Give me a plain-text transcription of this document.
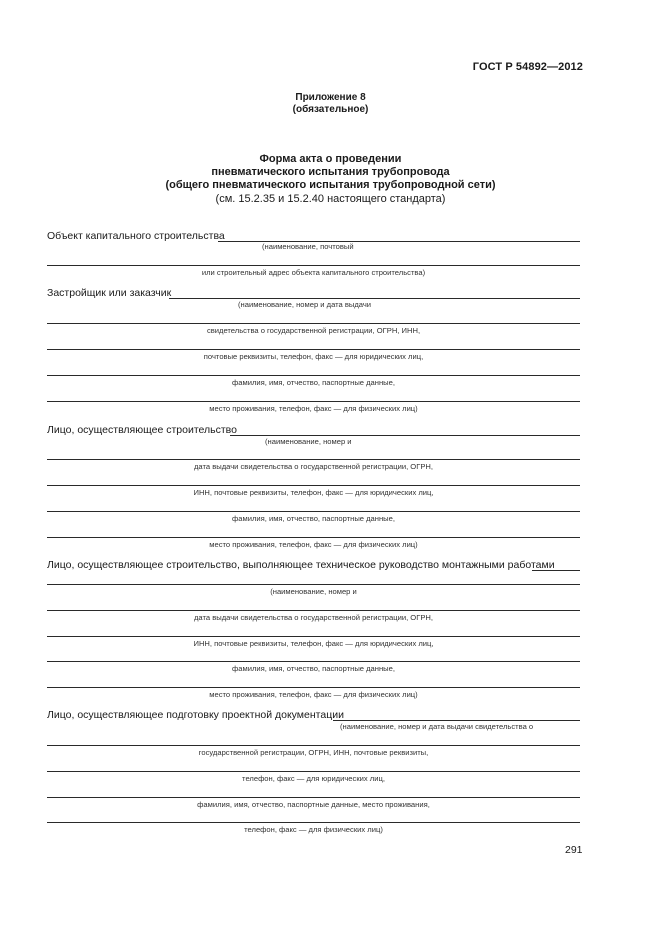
ГОСТ Р 54892—2012
Приложение 8
(обязательное)
Форма акта о проведении
пневматического испытания трубопровода
(общего пневматического испытания трубопроводной сети)
(см. 15.2.35 и 15.2.40 настоящего стандарта)
Объект капитального строительства
(наименование, почтовый
или строительный адрес объекта капитального строительства)
Застройщик или заказчик
(наименование, номер и дата выдачи
свидетельства о государственной регистрации, ОГРН, ИНН,
почтовые реквизиты, телефон, факс — для юридических лиц,
фамилия, имя, отчество, паспортные данные,
место проживания, телефон, факс — для физических лиц)
Лицо, осуществляющее строительство
(наименование, номер и
дата выдачи свидетельства о государственной регистрации, ОГРН,
ИНН, почтовые реквизиты, телефон, факс — для юридических лиц,
фамилия, имя, отчество, паспортные данные,
место проживания, телефон, факс — для физических лиц)
Лицо, осуществляющее строительство, выполняющее техническое руководство монтажными работами
(наименование, номер и
дата выдачи свидетельства о государственной регистрации, ОГРН,
ИНН, почтовые реквизиты, телефон, факс — для юридических лиц,
фамилия, имя, отчество, паспортные данные,
место проживания, телефон, факс — для физических лиц)
Лицо, осуществляющее подготовку проектной документации
(наименование, номер и дата выдачи свидетельства о
государственной регистрации, ОГРН, ИНН, почтовые реквизиты,
телефон, факс — для юридических лиц,
фамилия, имя, отчество, паспортные данные, место проживания,
телефон, факс — для физических лиц)
291
